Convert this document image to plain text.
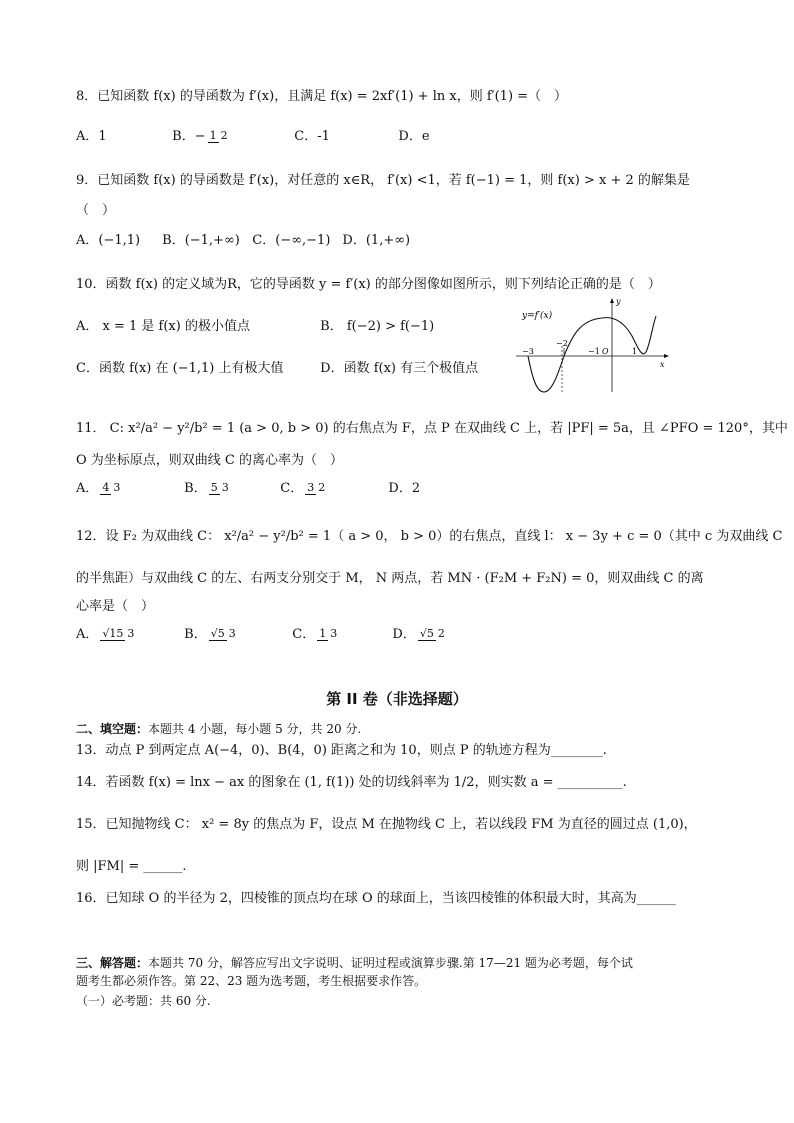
8．已知函数 f(x) 的导函数为 f′(x)，且满足 f(x) = 2xf′(1) + ln x，则 f′(1) =（　）
A．1	B．− 1 2	C．-1	D．e
9．已知函数 f(x) 的导函数是 f′(x)，对任意的 x∈R， f′(x) <1，若 f(−1) = 1，则 f(x) > x + 2 的解集是
（　）
A．(−1,1) B．(−1,+∞) C．(−∞,−1) D．(1,+∞)
10．函数 f(x) 的定义域为R，它的导函数 y = f′(x) 的部分图像如图所示，则下列结论正确的是（　）
A． x = 1 是 f(x) 的极小值点	B． f(−2) > f(−1)
C．函数 f(x) 在 (−1,1) 上有极大值	D．函数 f(x) 有三个极值点
y=f′(x)
y
x
−3
−2
−1 O	1
11． C: x²/a² − y²/b² = 1 (a > 0, b > 0) 的右焦点为 F，点 P 在双曲线 C 上，若 |PF| = 5a，且 ∠PFO = 120°，其中
O 为坐标原点，则双曲线 C 的离心率为（　）
A． 4 3	B． 5 3	C． 3 2	D．2
12．设 F₂ 为双曲线 C： x²/a² − y²/b² = 1（ a > 0， b > 0）的右焦点，直线 l： x − 3y + c = 0（其中 c 为双曲线 C
的半焦距）与双曲线 C 的左、右两支分别交于 M， N 两点，若 MN · (F₂M + F₂N) = 0，则双曲线 C 的离
心率是（　）
A． √15 3	B． √5 3	C． 1 3	D． √5 2
第 II 卷（非选择题）
二、填空题：本题共 4 小题，每小题 5 分，共 20 分.
13．动点 P 到两定点 A(−4，0)、B(4，0) 距离之和为 10，则点 P 的轨迹方程为________.
14．若函数 f(x) = lnx − ax 的图象在 (1, f(1)) 处的切线斜率为 1/2，则实数 a = __________.
15．已知抛物线 C： x² = 8y 的焦点为 F，设点 M 在抛物线 C 上，若以线段 FM 为直径的圆过点 (1,0)，
则 |FM| = ______.
16．已知球 O 的半径为 2，四棱锥的顶点均在球 O 的球面上，当该四棱锥的体积最大时，其高为______
三、解答题：本题共 70 分，解答应写出文字说明、证明过程或演算步骤.第 17—21 题为必考题，每个试
题考生都必须作答。第 22、23 题为选考题，考生根据要求作答。
（一）必考题：共 60 分.
